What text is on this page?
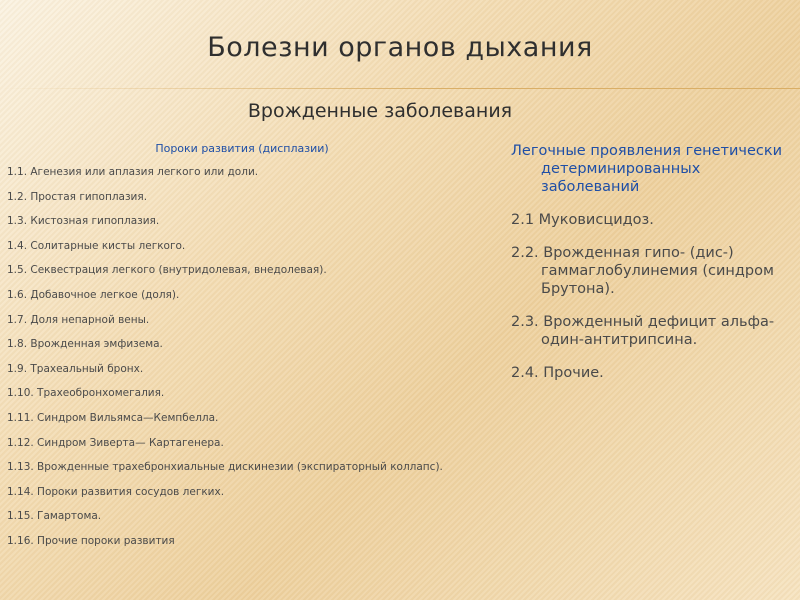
Болезни органов дыхания
Врожденные заболевания
Пороки развития (дисплазии)
1.1. Агенезия или аплазия легкого или доли.
1.2. Простая гипоплазия.
1.3. Кистозная гипоплазия.
1.4. Солитарные кисты легкого.
1.5. Секвестрация легкого (внутридолевая, внедолевая).
1.6. Добавочное легкое (доля).
1.7. Доля непарной вены.
1.8. Врожденная эмфизема.
1.9. Трахеальный бронх.
1.10. Трахеобронхомегалия.
1.11. Синдром Вильямса—Кемпбелла.
1.12. Синдром Зиверта— Картагенера.
1.13. Врожденные трахебронхиальные дискинезии (экспираторный коллапс).
1.14. Пороки развития сосудов легких.
1.15. Гамартома.
1.16. Прочие пороки развития
Легочные проявления генетически детерминированных заболеваний
2.1 Муковисцидоз.
2.2. Врожденная гипо- (дис-) гаммаглобулинемия (синдром Брутона).
2.3. Врожденный дефицит альфа-один-антитрипсина.
2.4. Прочие.
